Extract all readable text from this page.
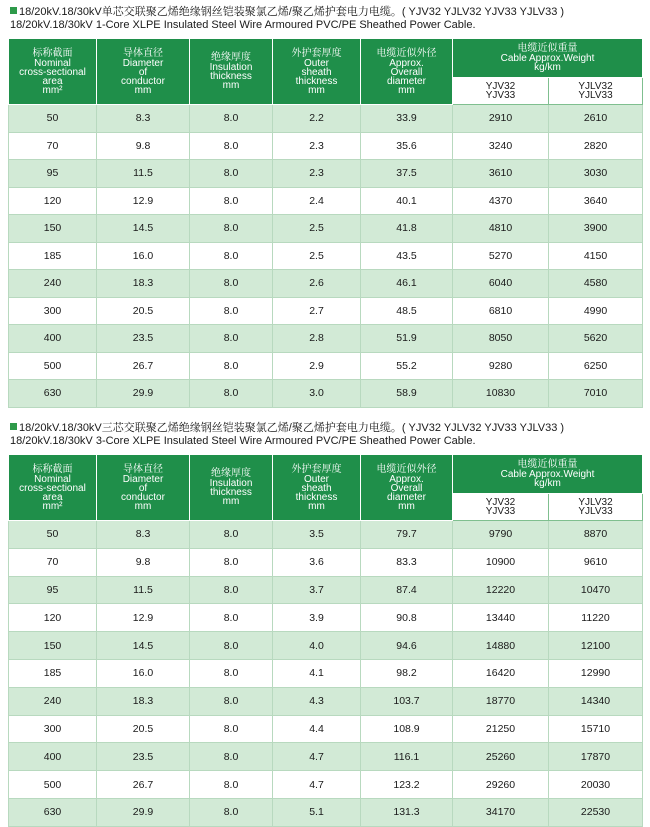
18/20kV.18/30kV单芯交联聚乙烯绝缘钢丝铠装聚氯乙烯/聚乙烯护套电力电缆。( YJV32 YJLV32 YJV33 YJLV33 )
18/20kV.18/30kV 1-Core XLPE Insulated Steel Wire Armoured PVC/PE Sheathed Power Cable.
标称截面
Nominal
cross-sectional
area
mm²	导体直径
Diameter
of
conductor
mm	绝缘厚度
Insulation
thickness
mm	外护套厚度
Outer
sheath
thickness
mm	电缆近似外径
Approx.
Overall
diameter
mm	电缆近似重量
Cable Approx.Weight
kg/km	
					YJV32
YJV33	YJLV32
YJLV33
50	8.3	8.0	2.2	33.9	2910	2610
70	9.8	8.0	2.3	35.6	3240	2820
95	11.5	8.0	2.3	37.5	3610	3030
120	12.9	8.0	2.4	40.1	4370	3640
150	14.5	8.0	2.5	41.8	4810	3900
185	16.0	8.0	2.5	43.5	5270	4150
240	18.3	8.0	2.6	46.1	6040	4580
300	20.5	8.0	2.7	48.5	6810	4990
400	23.5	8.0	2.8	51.9	8050	5620
500	26.7	8.0	2.9	55.2	9280	6250
630	29.9	8.0	3.0	58.9	10830	7010
18/20kV.18/30kV三芯交联聚乙烯绝缘钢丝铠装聚氯乙烯/聚乙烯护套电力电缆。( YJV32 YJLV32 YJV33 YJLV33 )
18/20kV.18/30kV 3-Core XLPE Insulated Steel Wire Armoured PVC/PE Sheathed Power Cable.
标称截面
Nominal
cross-sectional
area
mm²	导体直径
Diameter
of
conductor
mm	绝缘厚度
Insulation
thickness
mm	外护套厚度
Outer
sheath
thickness
mm	电缆近似外径
Approx.
Overall
diameter
mm	电缆近似重量
Cable Approx.Weight
kg/km	
					YJV32
YJV33	YJLV32
YJLV33
50	8.3	8.0	3.5	79.7	9790	8870
70	9.8	8.0	3.6	83.3	10900	9610
95	11.5	8.0	3.7	87.4	12220	10470
120	12.9	8.0	3.9	90.8	13440	11220
150	14.5	8.0	4.0	94.6	14880	12100
185	16.0	8.0	4.1	98.2	16420	12990
240	18.3	8.0	4.3	103.7	18770	14340
300	20.5	8.0	4.4	108.9	21250	15710
400	23.5	8.0	4.7	116.1	25260	17870
500	26.7	8.0	4.7	123.2	29260	20030
630	29.9	8.0	5.1	131.3	34170	22530
